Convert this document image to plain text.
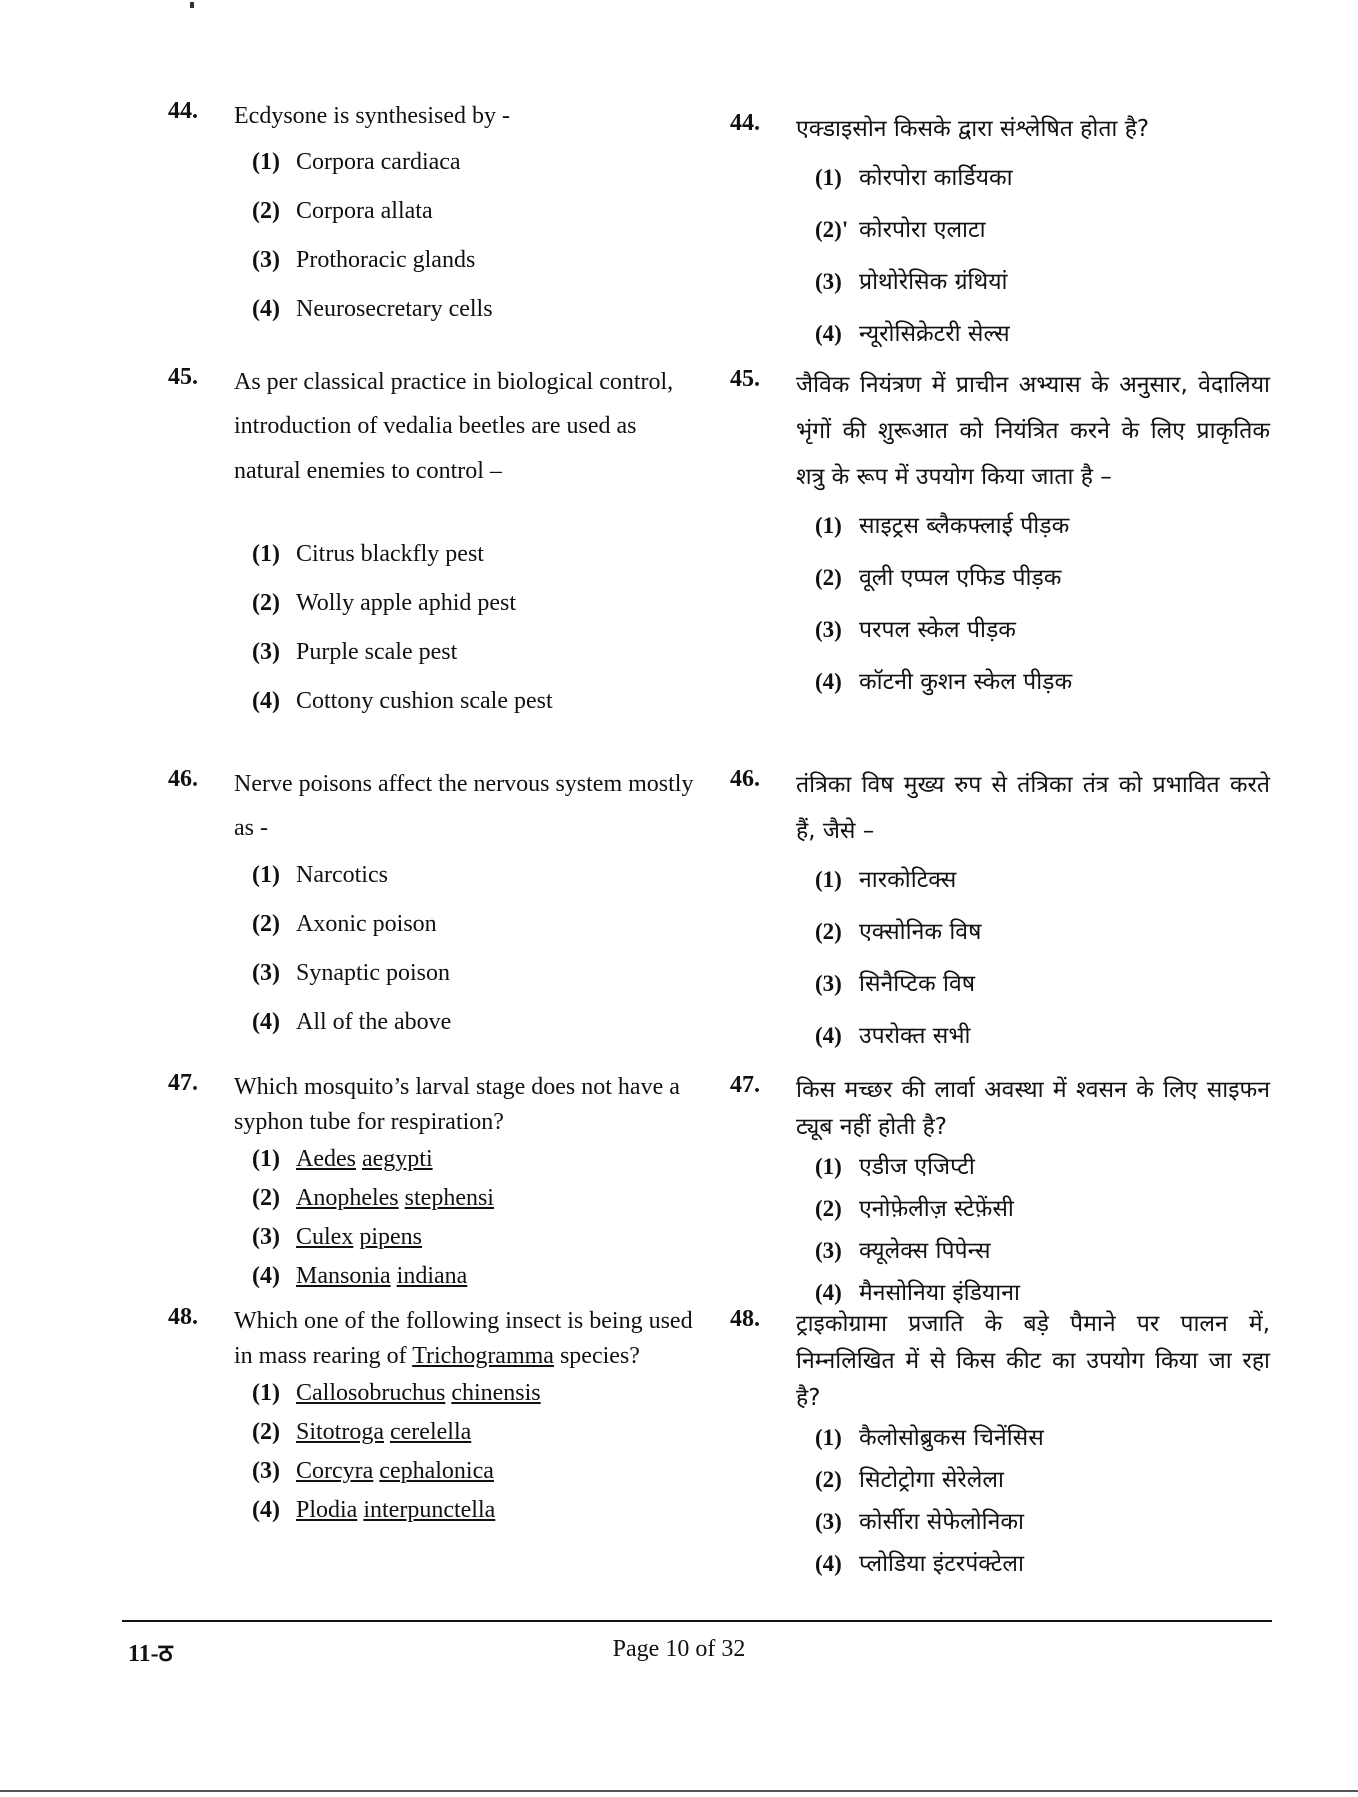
44. Ecdysone is synthesised by -
(1) Corpora cardiaca
(2) Corpora allata
(3) Prothoracic glands
(4) Neurosecretary cells
45. As per classical practice in biological control, introduction of vedalia beetles are used as natural enemies to control –
(1) Citrus blackfly pest
(2) Wolly apple aphid pest
(3) Purple scale pest
(4) Cottony cushion scale pest
46. Nerve poisons affect the nervous system mostly as -
(1) Narcotics
(2) Axonic poison
(3) Synaptic poison
(4) All of the above
47. Which mosquito’s larval stage does not have a syphon tube for respiration?
(1) Aedes aegypti
(2) Anopheles stephensi
(3) Culex pipens
(4) Mansonia indiana
48. Which one of the following insect is being used in mass rearing of Trichogramma species?
(1) Callosobruchus chinensis
(2) Sitotroga cerelella
(3) Corcyra cephalonica
(4) Plodia interpunctella
44. एक्डाइसोन किसके द्वारा संश्लेषित होता है?
(1) कोरपोरा कार्डियका
(2)' कोरपोरा एलाटा
(3) प्रोथोरेसिक ग्रंथियां
(4) न्यूरोसिक्रेटरी सेल्स
45. जैविक नियंत्रण में प्राचीन अभ्यास के अनुसार, वेदालिया भृंगों की शुरूआत को नियंत्रित करने के लिए प्राकृतिक शत्रु के रूप में उपयोग किया जाता है –
(1) साइट्रस ब्लैकफ्लाई पीड़क
(2) वूली एप्पल एफिड पीड़क
(3) परपल स्केल पीड़क
(4) कॉटनी कुशन स्केल पीड़क
46. तंत्रिका विष मुख्य रुप से तंत्रिका तंत्र को प्रभावित करते हैं, जैसे –
(1) नारकोटिक्स
(2) एक्सोनिक विष
(3) सिनैप्टिक विष
(4) उपरोक्त सभी
47. किस मच्छर की लार्वा अवस्था में श्वसन के लिए साइफन ट्यूब नहीं होती है?
(1) एडीज एजिप्टी
(2) एनोफ़ेलीज़ स्टेफ़ेंसी
(3) क्यूलेक्स पिपेन्स
(4) मैनसोनिया इंडियाना
48. ट्राइकोग्रामा प्रजाति के बड़े पैमाने पर पालन में, निम्नलिखित में से किस कीट का उपयोग किया जा रहा है?
(1) कैलोसोब्रुकस चिनेंसिस
(2) सिटोट्रोगा सेरेलेला
(3) कोर्सीरा सेफेलोनिका
(4) प्लोडिया इंटरपंक्टेला
11-ठ	Page 10 of 32
